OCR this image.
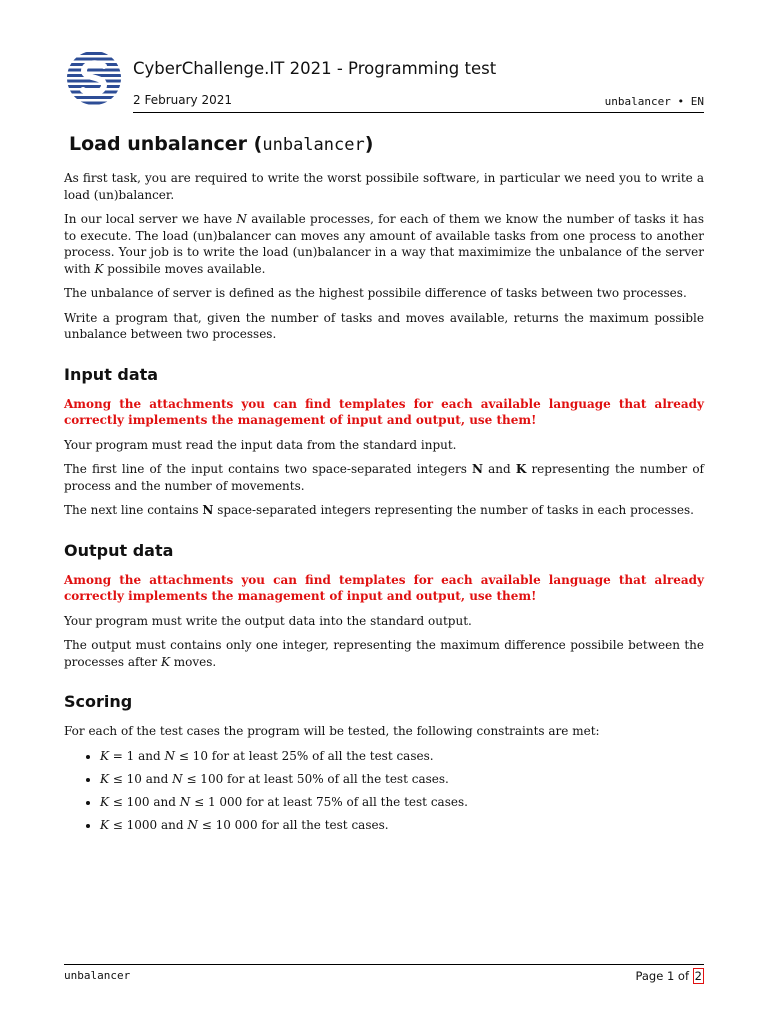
CyberChallenge.IT 2021 - Programming test
2 February 2021	unbalancer • EN
Load unbalancer (unbalancer)

As first task, you are required to write the worst possibile software, in particular we need you to write a load (un)balancer.

In our local server we have N available processes, for each of them we know the number of tasks it has to execute. The load (un)balancer can moves any amount of available tasks from one process to another process. Your job is to write the load (un)balancer in a way that maximimize the unbalance of the server with K possibile moves available.

The unbalance of server is defined as the highest possibile difference of tasks between two processes.

Write a program that, given the number of tasks and moves available, returns the maximum possible unbalance between two processes.

Input data

Among the attachments you can find templates for each available language that already correctly implements the management of input and output, use them!

Your program must read the input data from the standard input.

The first line of the input contains two space-separated integers N and K representing the number of process and the number of movements.

The next line contains N space-separated integers representing the number of tasks in each processes.

Output data

Among the attachments you can find templates for each available language that already correctly implements the management of input and output, use them!

Your program must write the output data into the standard output.

The output must contains only one integer, representing the maximum difference possibile between the processes after K moves.

Scoring

For each of the test cases the program will be tested, the following constraints are met:

• K = 1 and N ≤ 10 for at least 25% of all the test cases.
• K ≤ 10 and N ≤ 100 for at least 50% of all the test cases.
• K ≤ 100 and N ≤ 1 000 for at least 75% of all the test cases.
• K ≤ 1000 and N ≤ 10 000 for all the test cases.
unbalancer	Page 1 of 2
